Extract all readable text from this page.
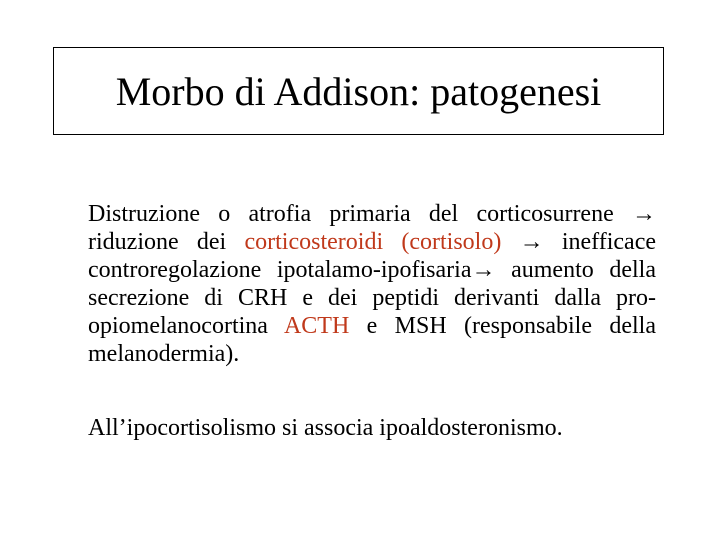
Morbo di Addison: patogenesi

Distruzione o atrofia primaria del corticosurrene → riduzione dei corticosteroidi (cortisolo) → inefficace controregolazione ipotalamo-ipofisaria→ aumento della secrezione di CRH e dei peptidi derivanti dalla pro-opiomelanocortina ACTH e MSH (responsabile della melanodermia).

All’ipocortisolismo si associa ipoaldosteronismo.
